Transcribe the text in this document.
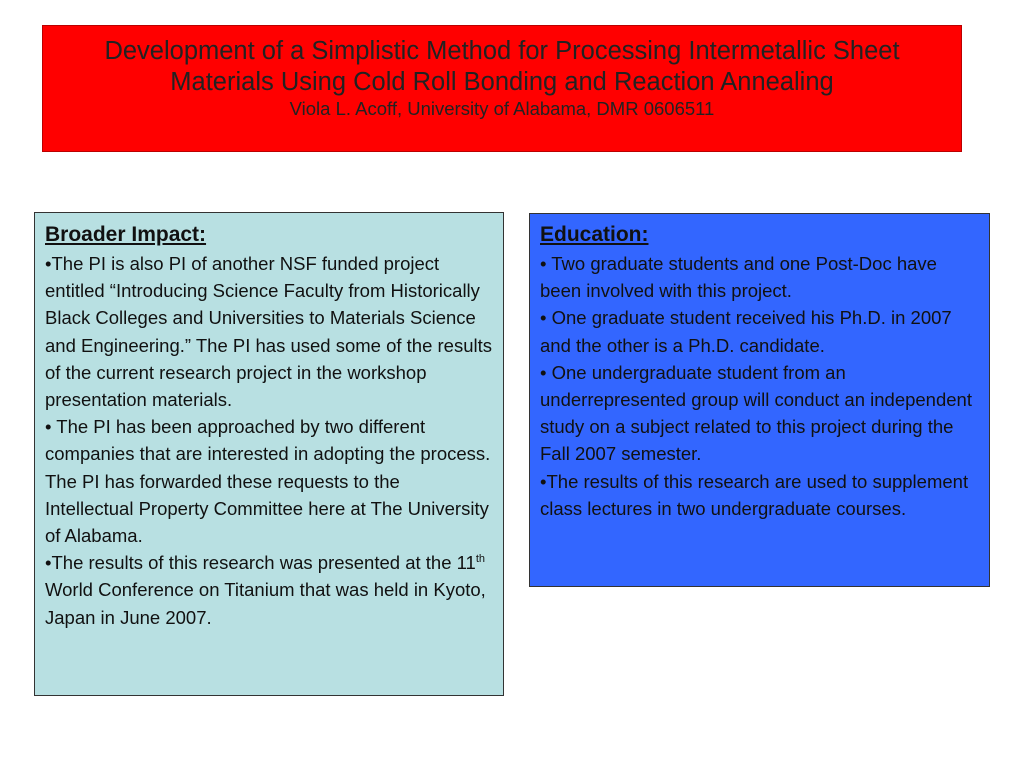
Development of a Simplistic Method for Processing Intermetallic Sheet Materials Using Cold Roll Bonding and Reaction Annealing
Viola L. Acoff, University of Alabama, DMR 0606511
Broader Impact:

•The PI is also PI of another NSF funded project entitled “Introducing Science Faculty from Historically Black Colleges and Universities to Materials Science and Engineering.” The PI has used some of the results of the current research project in the workshop presentation materials.

• The PI has been approached by two different companies that are interested in adopting the process. The PI has forwarded these requests to the Intellectual Property Committee here at The University of Alabama.

•The results of this research was presented at the 11th World Conference on Titanium that was held in Kyoto, Japan in June 2007.

Education:

• Two graduate students and one Post-Doc have been involved with this project.

• One graduate student received his Ph.D. in 2007 and the other is a Ph.D. candidate.

• One undergraduate student from an underrepresented group will conduct an independent study on a subject related to this project during the Fall 2007 semester.

•The results of this research are used to supplement class lectures in two undergraduate courses.
